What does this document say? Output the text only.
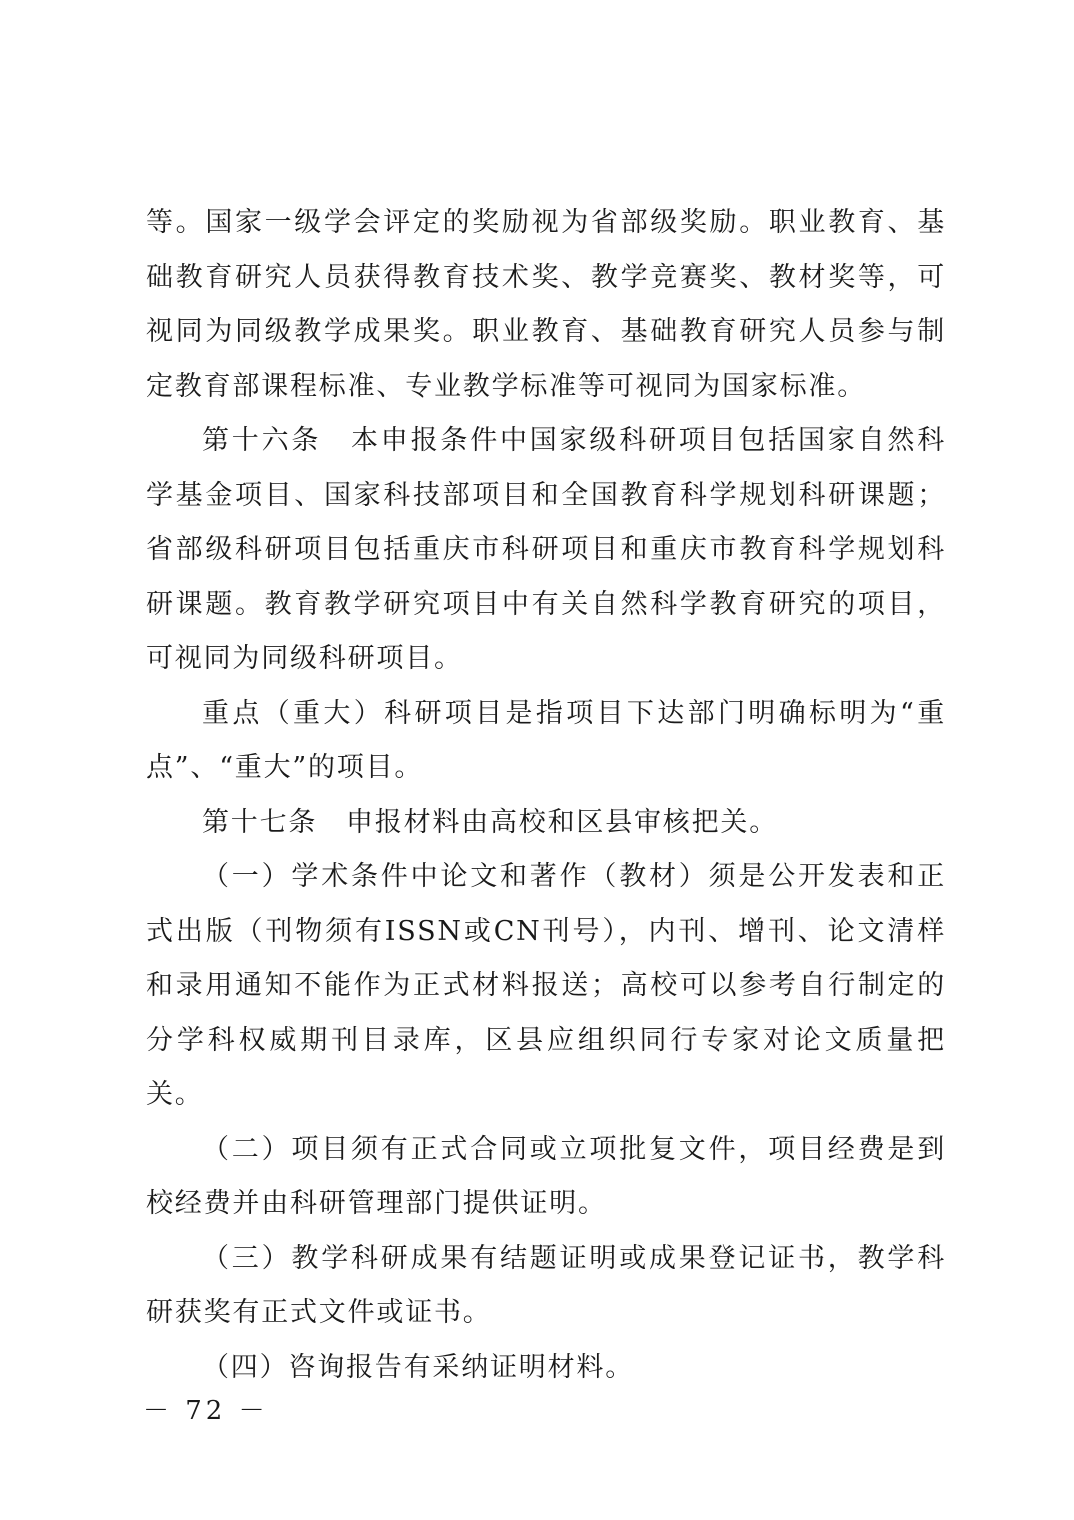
等。国家一级学会评定的奖励视为省部级奖励。职业教育、基础教育研究人员获得教育技术奖、教学竞赛奖、教材奖等，可视同为同级教学成果奖。职业教育、基础教育研究人员参与制定教育部课程标准、专业教学标准等可视同为国家标准。

第十六条　本申报条件中国家级科研项目包括国家自然科学基金项目、国家科技部项目和全国教育科学规划科研课题；省部级科研项目包括重庆市科研项目和重庆市教育科学规划科研课题。教育教学研究项目中有关自然科学教育研究的项目，可视同为同级科研项目。

重点（重大）科研项目是指项目下达部门明确标明为“重点”、“重大”的项目。

第十七条　申报材料由高校和区县审核把关。

（一）学术条件中论文和著作（教材）须是公开发表和正式出版（刊物须有ISSN或CN刊号），内刊、增刊、论文清样和录用通知不能作为正式材料报送；高校可以参考自行制定的分学科权威期刊目录库，区县应组织同行专家对论文质量把关。

（二）项目须有正式合同或立项批复文件，项目经费是到校经费并由科研管理部门提供证明。

（三）教学科研成果有结题证明或成果登记证书，教学科研获奖有正式文件或证书。

（四）咨询报告有采纳证明材料。

－ 72 －
